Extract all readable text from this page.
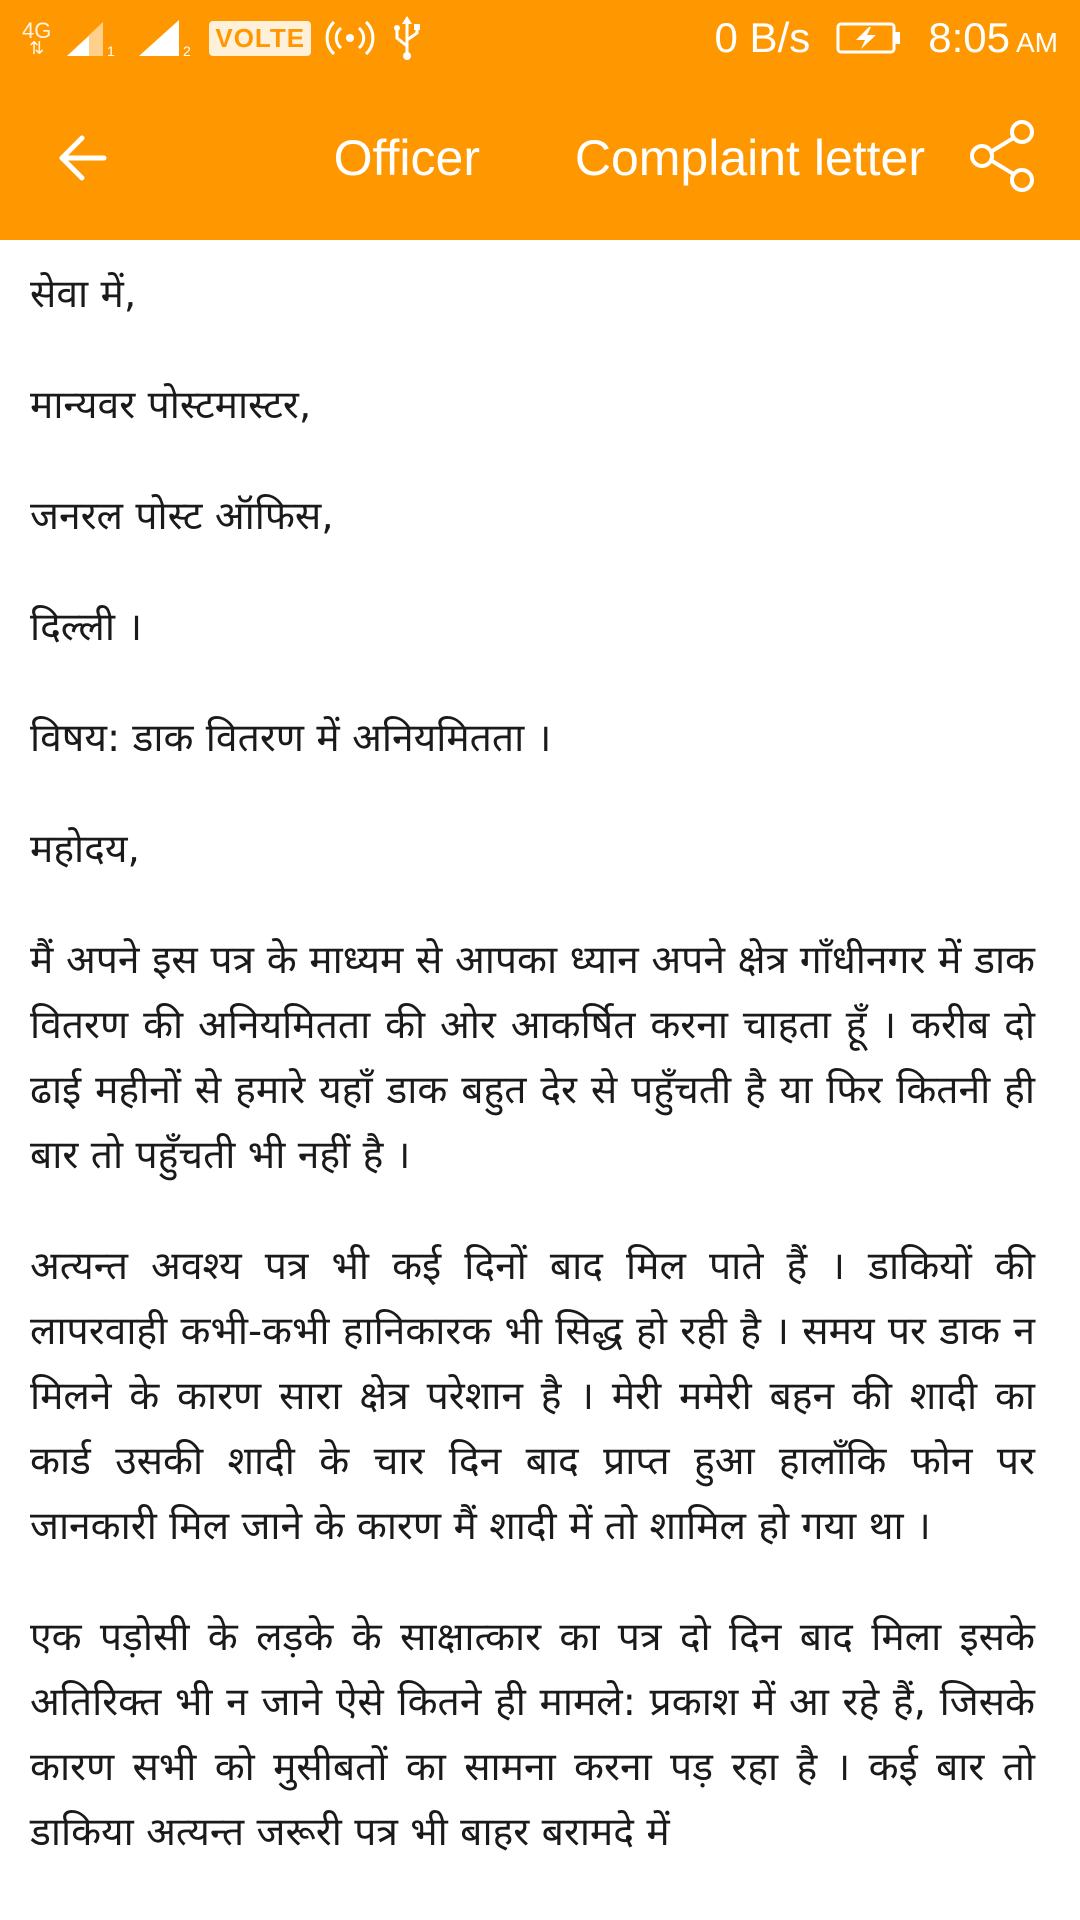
4G
⇅	1	2 VOLTE	0 B/s	8:05 AM
Officer Complaint letter

सेवा में,

मान्यवर पोस्टमास्टर,

जनरल पोस्ट ऑफिस,

दिल्ली ।

विषय: डाक वितरण में अनियमितता ।

महोदय,

मैं अपने इस पत्र के माध्यम से आपका ध्यान अपने क्षेत्र गाँधीनगर में डाक वितरण की अनियमितता की ओर आकर्षित करना चाहता हूँ । करीब दो ढाई महीनों से हमारे यहाँ डाक बहुत देर से पहुँचती है या फिर कितनी ही बार तो पहुँचती भी नहीं है ।

अत्यन्त अवश्य पत्र भी कई दिनों बाद मिल पाते हैं । डाकियों की लापरवाही कभी-कभी हानिकारक भी सिद्ध हो रही है । समय पर डाक न मिलने के कारण सारा क्षेत्र परेशान है । मेरी ममेरी बहन की शादी का कार्ड उसकी शादी के चार दिन बाद प्राप्त हुआ हालाँकि फोन पर जानकारी मिल जाने के कारण मैं शादी में तो शामिल हो गया था ।

एक पड़ोसी के लड़के के साक्षात्कार का पत्र दो दिन बाद मिला इसके अतिरिक्त भी न जाने ऐसे कितने ही मामले: प्रकाश में आ रहे हैं, जिसके कारण सभी को मुसीबतों का सामना करना पड़ रहा है । कई बार तो डाकिया अत्यन्त जरूरी पत्र भी बाहर बरामदे में
